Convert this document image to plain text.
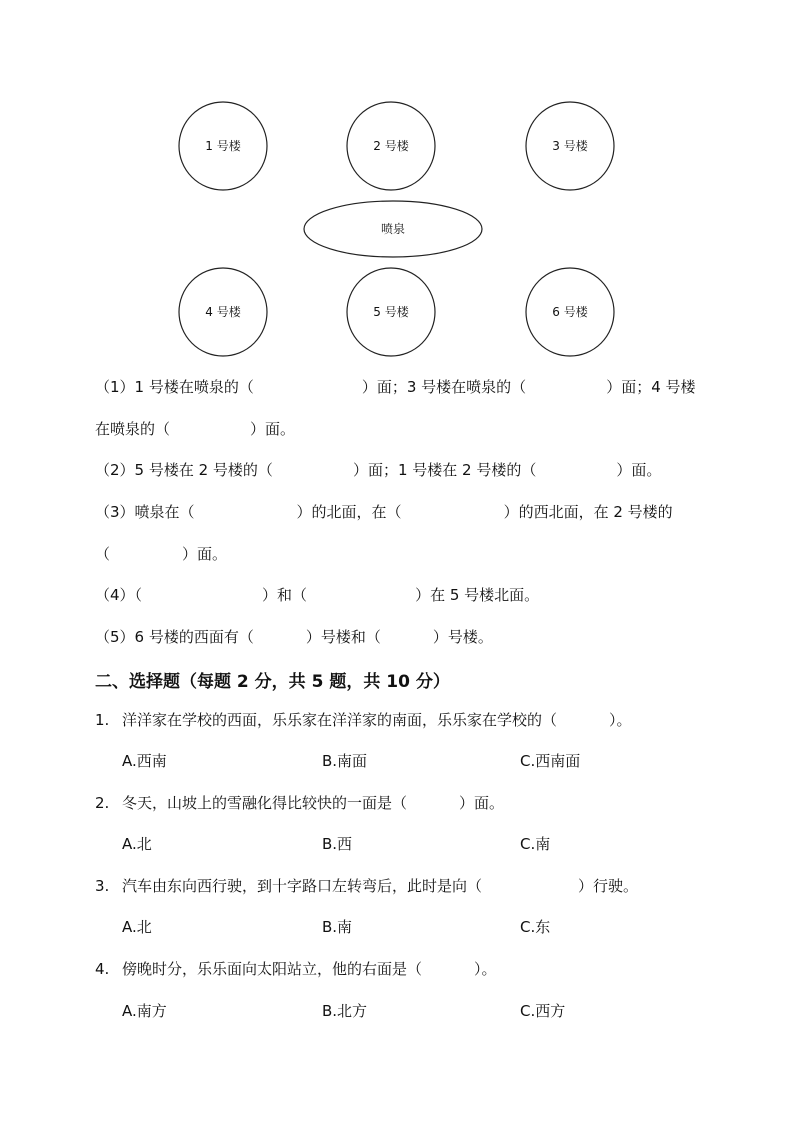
1 号楼	2 号楼	3 号楼
喷泉
4 号楼	5 号楼	6 号楼
（1）1 号楼在喷泉的（	）面；3 号楼在喷泉的（	）面；4 号楼
在喷泉的（	）面。
（2）5 号楼在 2 号楼的（	）面；1 号楼在 2 号楼的（	）面。
（3）喷泉在（	）的北面，在（	）的西北面，在 2 号楼的
（	）面。
（4）（	）和（	）在 5 号楼北面。
（5）6 号楼的西面有（	）号楼和（	）号楼。
二、选择题（每题 2 分，共 5 题，共 10 分）
1. 洋洋家在学校的西面，乐乐家在洋洋家的南面，乐乐家在学校的（	）。
A.西南	B.南面	C.西南面
2. 冬天，山坡上的雪融化得比较快的一面是（	）面。
A.北	B.西	C.南
3. 汽车由东向西行驶，到十字路口左转弯后，此时是向（	）行驶。
A.北	B.南	C.东
4. 傍晚时分，乐乐面向太阳站立，他的右面是（	）。
A.南方	B.北方	C.西方
